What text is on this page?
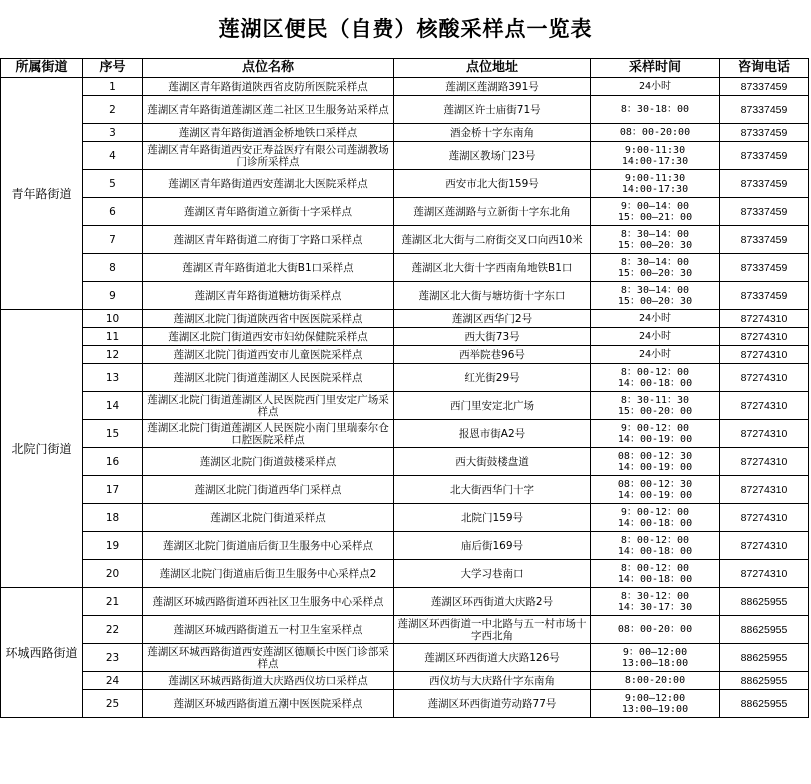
莲湖区便民（自费）核酸采样点一览表
所属街道	序号	点位名称	点位地址	采样时间	咨询电话
青年路街道	1	莲湖区青年路街道陕西省皮防所医院采样点	莲湖区莲湖路391号	24小时	87337459
	2	莲湖区青年路街道莲湖区莲二社区卫生服务站采样点	莲湖区许士庙街71号	8：30-18：00	87337459
	3	莲湖区青年路街道酒金桥地铁口采样点	酒金桥十字东南角	08：00-20:00	87337459
	4	莲湖区青年路街道西安正寿益医疗有限公司莲湖教场门诊所采样点	莲湖区教场门23号	9:00-11:30
14:00-17:30	87337459
	5	莲湖区青年路街道西安莲湖北大医院采样点	西安市北大街159号	9:00-11:30
14:00-17:30	87337459
	6	莲湖区青年路街道立新街十字采样点	莲湖区莲湖路与立新街十字东北角	9：00—14：00
15：00—21：00	87337459
	7	莲湖区青年路街道二府街丁字路口采样点	莲湖区北大街与二府街交叉口向西10米	8：30—14：00
15：00—20：30	87337459
	8	莲湖区青年路街道北大街B1口采样点	莲湖区北大街十字西南角地铁B1口	8：30—14：00
15：00—20：30	87337459
	9	莲湖区青年路街道糖坊街采样点	莲湖区北大街与塘坊街十字东口	8：30—14：00
15：00—20：30	87337459
北院门街道	10	莲湖区北院门街道陕西省中医医院采样点	莲湖区西华门2号	24小时	87274310
	11	莲湖区北院门街道西安市妇幼保健院采样点	西大街73号	24小时	87274310
	12	莲湖区北院门街道西安市儿童医院采样点	西举院巷96号	24小时	87274310
	13	莲湖区北院门街道莲湖区人民医院采样点	红光街29号	8：00-12：00
14：00-18：00	87274310
	14	莲湖区北院门街道莲湖区人民医院西门里安定广场采样点	西门里安定北广场	8：30-11：30
15：00-20：00	87274310
	15	莲湖区北院门街道莲湖区人民医院小南门里瑞泰尔仓口腔医院采样点	报恩市街A2号	9：00-12：00
14：00-19：00	87274310
	16	莲湖区北院门街道鼓楼采样点	西大街鼓楼盘道	08：00-12：30
14：00-19：00	87274310
	17	莲湖区北院门街道西华门采样点	北大街西华门十字	08：00-12：30
14：00-19：00	87274310
	18	莲湖区北院门街道采样点	北院门159号	9：00-12：00
14：00-18：00	87274310
	19	莲湖区北院门街道庙后街卫生服务中心采样点	庙后街169号	8：00-12：00
14：00-18：00	87274310
	20	莲湖区北院门街道庙后街卫生服务中心采样点2	大学习巷南口	8：00-12：00
14：00-18：00	87274310
环城西路街道	21	莲湖区环城西路街道环西社区卫生服务中心采样点	莲湖区环西街道大庆路2号	8：30-12：00
14：30-17：30	88625955
	22	莲湖区环城西路街道五一村卫生室采样点	莲湖区环西街道一中北路与五一村市场十字西北角	08：00-20：00	88625955
	23	莲湖区环城西路街道西安莲湖区德顺长中医门诊部采样点	莲湖区环西街道大庆路126号	9：00—12:00
13:00—18:00	88625955
	24	莲湖区环城西路街道大庆路西仪坊口采样点	西仪坊与大庆路什字东南角	8:00-20:00	88625955
	25	莲湖区环城西路街道五潮中医医院采样点	莲湖区环西街道劳动路77号	9:00—12:00
13:00—19:00	88625955
